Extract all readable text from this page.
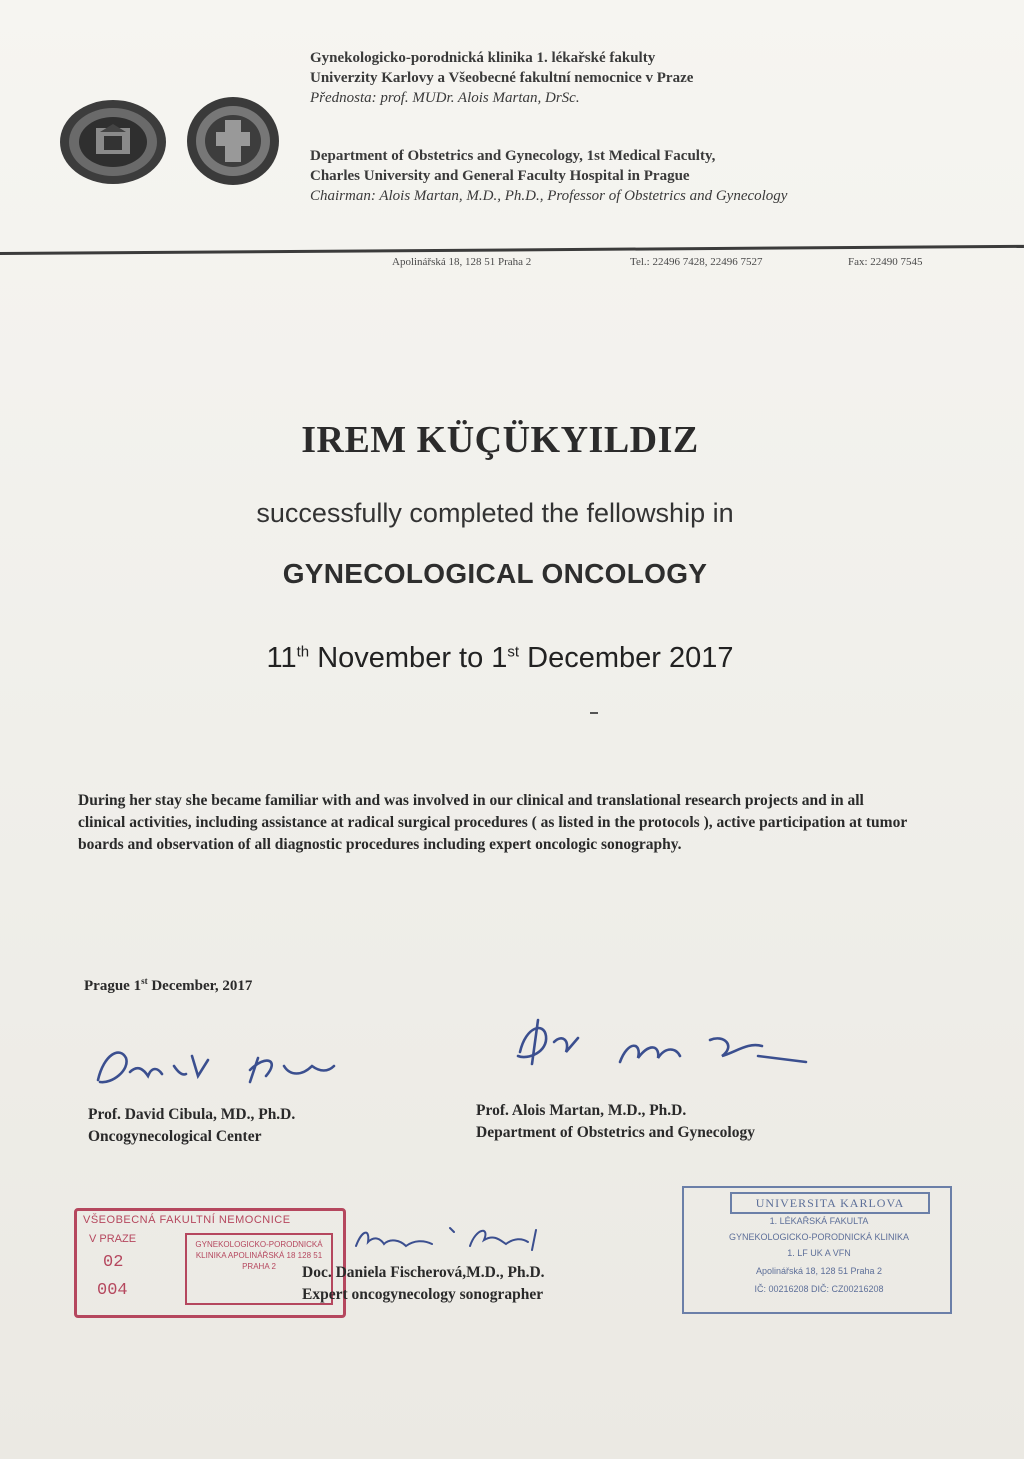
Gynekologicko-porodnická klinika 1. lékařské fakulty
Univerzity Karlovy a Všeobecné fakultní nemocnice v Praze
Přednosta: prof. MUDr. Alois Martan, DrSc.
Department of Obstetrics and Gynecology, 1st Medical Faculty,
Charles University and General Faculty Hospital in Prague
Chairman: Alois Martan, M.D., Ph.D., Professor of Obstetrics and Gynecology
Apolinářská 18, 128 51 Praha 2	Tel.: 22496 7428, 22496 7527	Fax: 22490 7545
IREM KÜÇÜKYILDIZ
successfully completed the fellowship in
GYNECOLOGICAL ONCOLOGY
11th November to 1st December 2017
During her stay she became familiar with and was involved in our clinical and translational research projects and in all clinical activities, including assistance at radical surgical procedures ( as listed in the protocols ), active participation at tumor boards and observation of all diagnostic procedures including expert oncologic sonography.
Prague 1st December, 2017
Prof. David Cibula, MD., Ph.D.
Oncogynecological Center
Prof. Alois Martan, M.D., Ph.D.
Department of Obstetrics and Gynecology
VŠEOBECNÁ FAKULTNÍ NEMOCNICE
V PRAZE
02
004
GYNEKOLOGICKO-PORODNICKÁ KLINIKA APOLINÁŘSKÁ 18 128 51 PRAHA 2	Doc. Daniela Fischerová,M.D., Ph.D.
Expert oncogynecology sonographer
UNIVERSITA KARLOVA
1. LÉKAŘSKÁ FAKULTA
GYNEKOLOGICKO-PORODNICKÁ KLINIKA
1. LF UK A VFN
Apolinářská 18, 128 51 Praha 2
IČ: 00216208 DIČ: CZ00216208
